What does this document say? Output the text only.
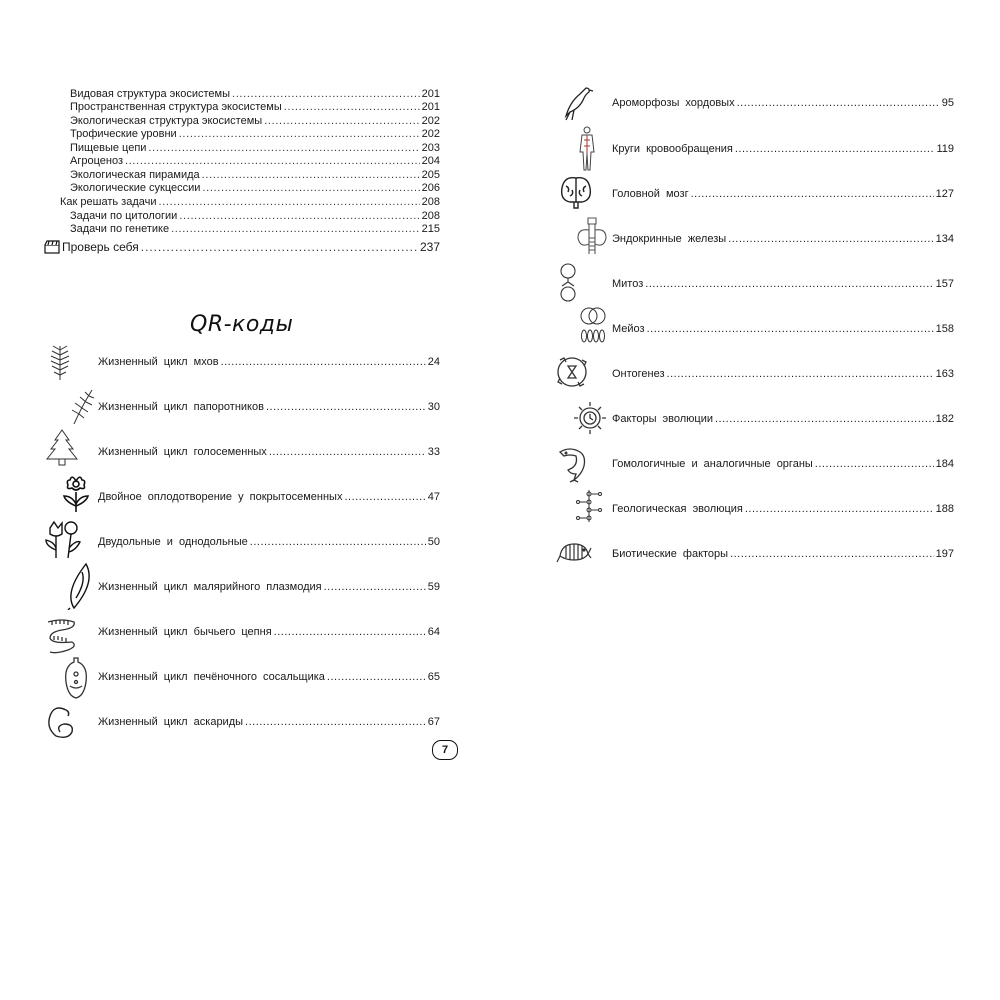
Видовая структура экосистемы . . .	201
Пространственная структура экосистемы . . .	201
Экологическая структура экосистемы . . .	202
Трофические уровни . . .	202
Пищевые цепи . . .	203
Агроценоз . . .	204
Экологическая пирамида . . .	205
Экологические сукцессии . . .	206
Как решать задачи . . .	208
Задачи по цитологии . . .	208
Задачи по генетике . . .	215
Проверь себя . . .	237
QR-коды
Жизненный цикл мхов .....	24
Жизненный цикл папоротников .....	30
Жизненный цикл голосеменных .....	33
Двойное оплодотворение у покрытосеменных .....	47
Двудольные и однодольные .....	50
Жизненный цикл малярийного плазмодия .....	59
Жизненный цикл бычьего цепня .....	64
Жизненный цикл печёночного сосальщика .....	65
Жизненный цикл аскариды .....	67
7
Ароморфозы хордовых .....	95
Круги кровообращения .....	119
Головной мозг .....	127
Эндокринные железы .....	134
Митоз .....	157
Мейоз .....	158
Онтогенез .....	163
Факторы эволюции .....	182
Гомологичные и аналогичные органы .....	184
Геологическая эволюция .....	188
Биотические факторы .....	197
